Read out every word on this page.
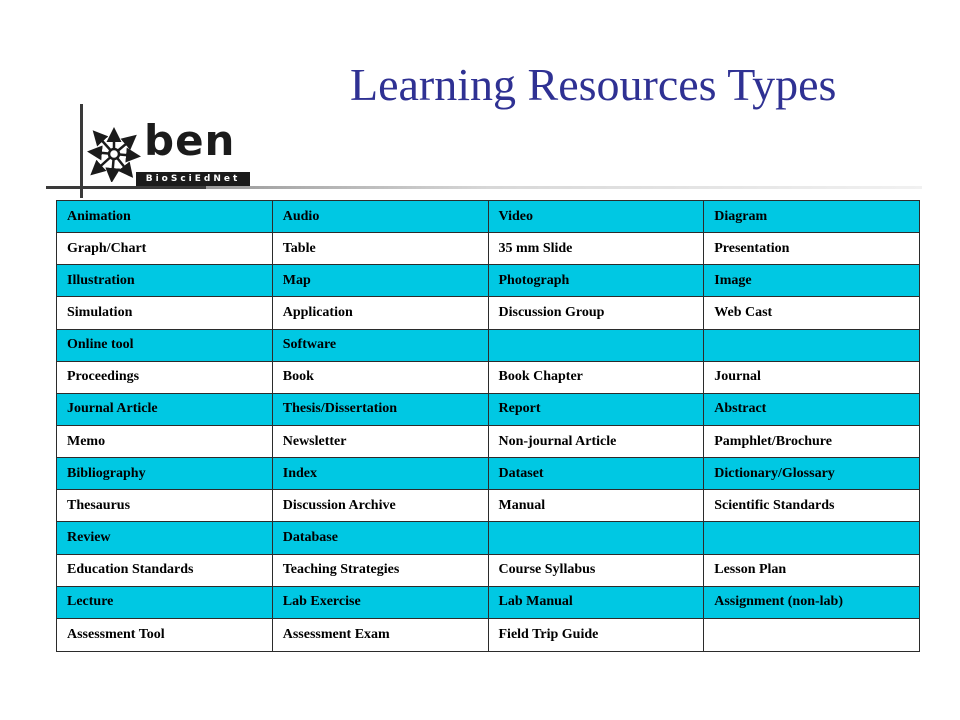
Learning Resources Types
ben
BioSciEdNet
Animation	Audio	Video	Diagram
Graph/Chart	Table	35 mm Slide	Presentation
Illustration	Map	Photograph	Image
Simulation	Application	Discussion Group	Web Cast
Online tool	Software		
Proceedings	Book	Book Chapter	Journal
Journal Article	Thesis/Dissertation	Report	Abstract
Memo	Newsletter	Non-journal Article	Pamphlet/Brochure
Bibliography	Index	Dataset	Dictionary/Glossary
Thesaurus	Discussion Archive	Manual	Scientific Standards
Review	Database		
Education Standards	Teaching Strategies	Course Syllabus	Lesson Plan
Lecture	Lab Exercise	Lab Manual	Assignment (non-lab)
Assessment Tool	Assessment Exam	Field Trip Guide	
